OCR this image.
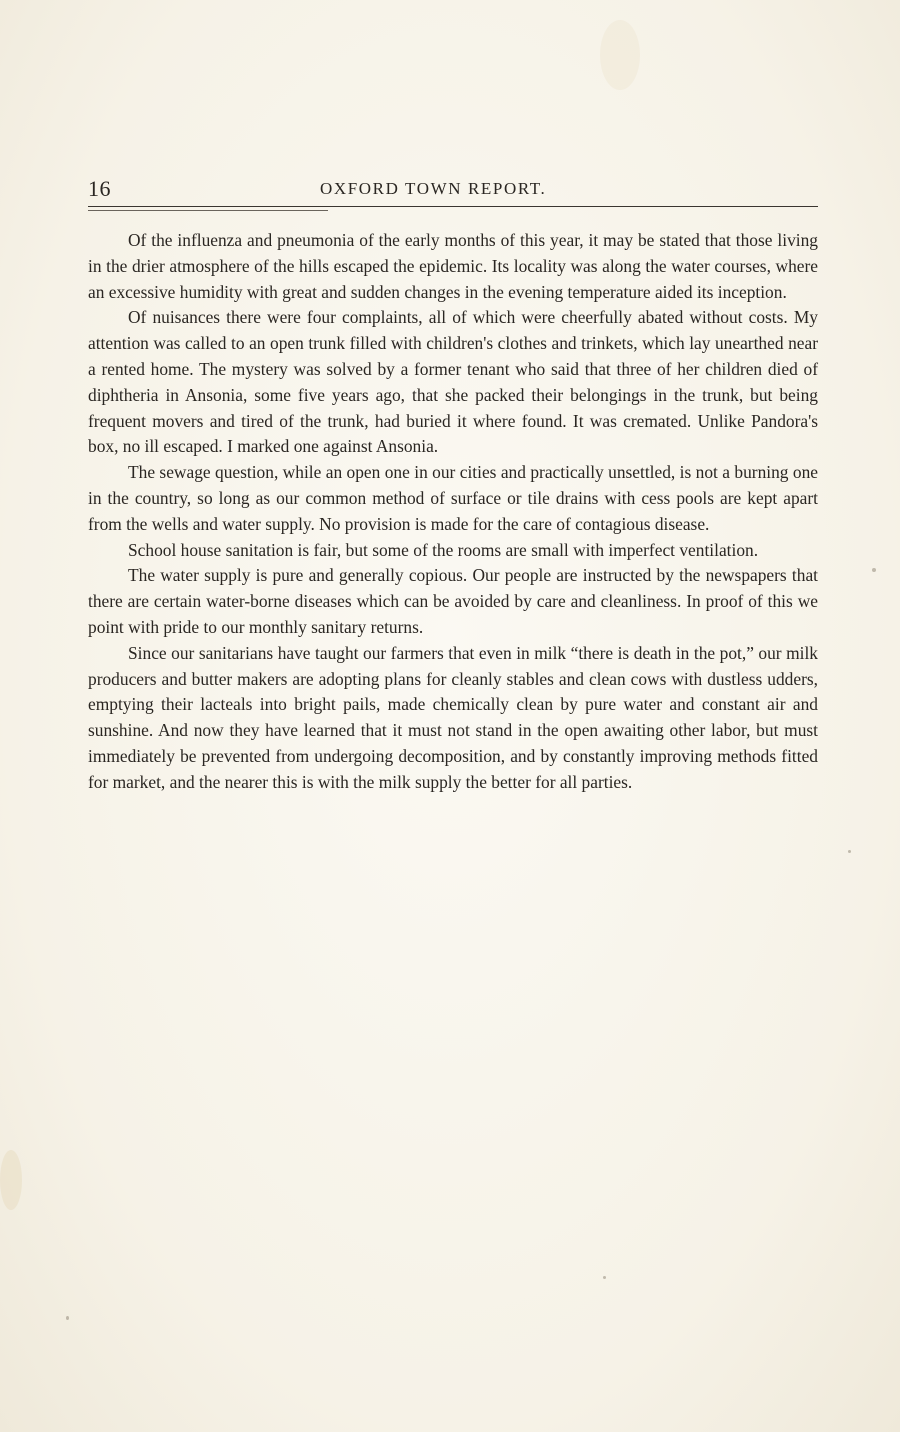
16	OXFORD TOWN REPORT.

Of the influenza and pneumonia of the early months of this year, it may be stated that those living in the drier atmosphere of the hills escaped the epidemic. Its locality was along the water courses, where an excessive humidity with great and sudden changes in the evening temperature aided its inception.

Of nuisances there were four complaints, all of which were cheerfully abated without costs. My attention was called to an open trunk filled with children's clothes and trinkets, which lay unearthed near a rented home. The mystery was solved by a former tenant who said that three of her children died of diphtheria in Ansonia, some five years ago, that she packed their belongings in the trunk, but being frequent movers and tired of the trunk, had buried it where found. It was cremated. Unlike Pandora's box, no ill escaped. I marked one against Ansonia.

The sewage question, while an open one in our cities and practically unsettled, is not a burning one in the country, so long as our common method of surface or tile drains with cess pools are kept apart from the wells and water supply. No provision is made for the care of contagious disease.

School house sanitation is fair, but some of the rooms are small with imperfect ventilation.

The water supply is pure and generally copious. Our people are instructed by the newspapers that there are certain water-borne diseases which can be avoided by care and cleanliness. In proof of this we point with pride to our monthly sanitary returns.

Since our sanitarians have taught our farmers that even in milk “there is death in the pot,” our milk producers and butter makers are adopting plans for cleanly stables and clean cows with dustless udders, emptying their lacteals into bright pails, made chemically clean by pure water and constant air and sunshine. And now they have learned that it must not stand in the open awaiting other labor, but must immediately be prevented from undergoing decomposition, and by constantly improving methods fitted for market, and the nearer this is with the milk supply the better for all parties.
